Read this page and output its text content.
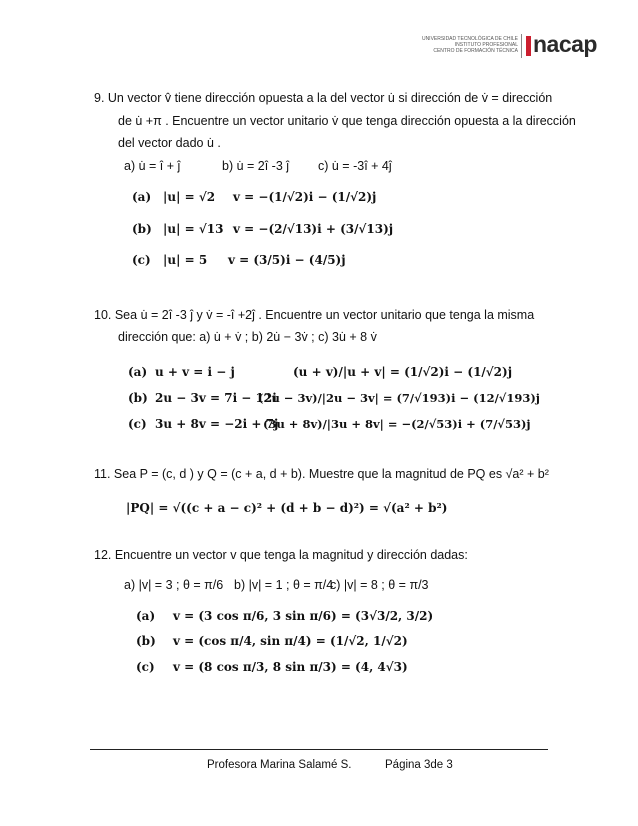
UNIVERSIDAD TECNOLÓGICA DE CHILE
INSTITUTO PROFESIONAL
CENTRO DE FORMACIÓN TÉCNICA nacap
9. Un vector v̂ tiene dirección opuesta a la del vector u̇ si dirección de v̇ = dirección
de u̇ +π . Encuentre un vector unitario v̇ que tenga dirección opuesta a la dirección
del vector dado u̇ .
a) u̇ = î + ĵ	b) u̇ = 2î -3 ĵ c) u̇ = -3î + 4ĵ
(a) |u| = √2 v = −(1/√2)i − (1/√2)j
(b) |u| = √13 v = −(2/√13)i + (3/√13)j
(c) |u| = 5 v = (3/5)i − (4/5)j
10. Sea u̇ = 2î -3 ĵ y v̇ = -î +2ĵ . Encuentre un vector unitario que tenga la misma
dirección que: a) u̇ + v̇ ; b) 2u̇ − 3v̇ ; c) 3u̇ + 8 v̇
(a) u + v = i − j	(u + v)/|u + v| = (1/√2)i − (1/√2)j
(b) 2u − 3v = 7i − 12i
(2u − 3v)/|2u − 3v| = (7/√193)i − (12/√193)j
(c) 3u + 8v = −2i + 7j
(3u + 8v)/|3u + 8v| = −(2/√53)i + (7/√53)j
11. Sea P = (c, d ) y Q = (c + a, d + b). Muestre que la magnitud de PQ es √a² + b²
|PQ| = √((c + a − c)² + (d + b − d)²) = √(a² + b²)
12. Encuentre un vector v que tenga la magnitud y dirección dadas:
a) |v| = 3 ; θ = π/6 b) |v| = 1 ; θ = π/4
c) |v| = 8 ; θ = π/3
(a) v = (3 cos π/6, 3 sin π/6) = (3√3/2, 3/2)
(b) v = (cos π/4, sin π/4) = (1/√2, 1/√2)
(c) v = (8 cos π/3, 8 sin π/3) = (4, 4√3)
Profesora Marina Salamé S.	Página 3de 3
